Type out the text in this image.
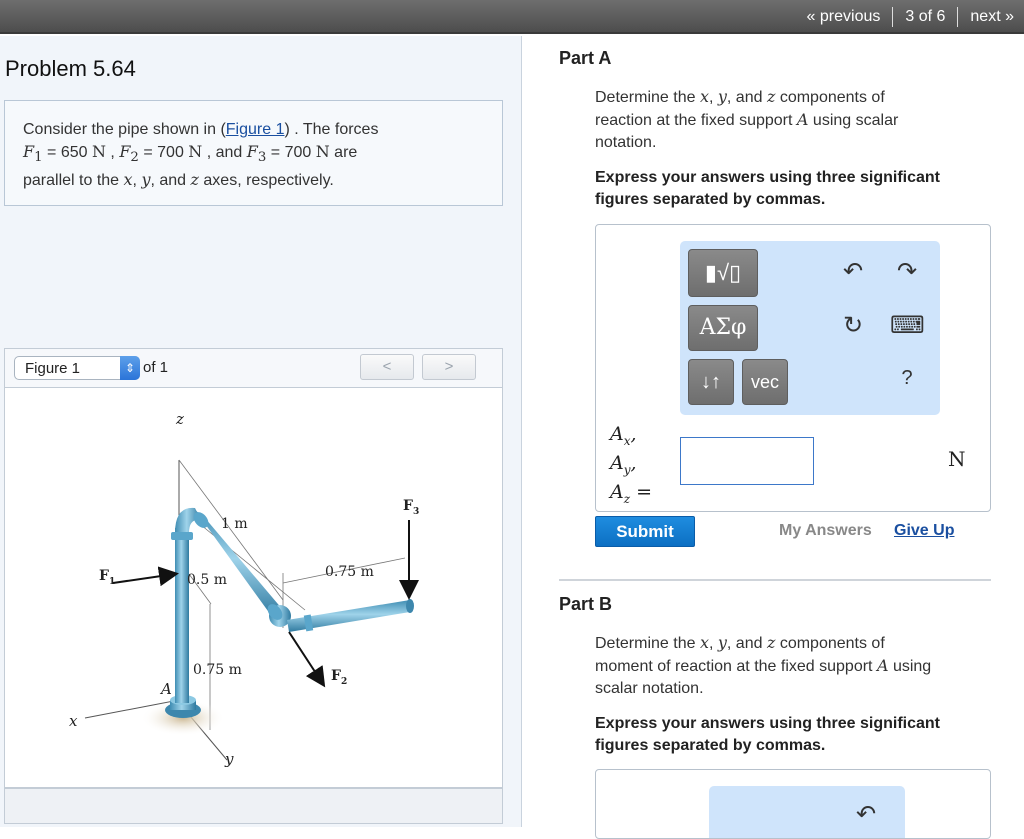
« previous 3 of 6 next »
Problem 5.64
Consider the pipe shown in (Figure 1) . The forces
$F_1 = 650$ N , $F_2 = 700$ N , and $F_3 = 700$ N are
parallel to the x, y, and z axes, respectively.
Figure 1	⇕ of 1	<	>
z
x
y
A
F 1
F 3
F 2
1 m
0.5 m	0.75 m
0.75 m
Part A
Determine the x, y, and z components of
reaction at the fixed support A using scalar
notation.
Express your answers using three significant
figures separated by commas.
▮√▯
ΑΣφ
↓↑	vec
↶ ↷
↻ ⌨
?
$A_x$,
$A_y$,
$A_z$ =
N
Submit	My Answers Give Up
Part B
Determine the x, y, and z components of
moment of reaction at the fixed support A using
scalar notation.
Express your answers using three significant
figures separated by commas.
↶
